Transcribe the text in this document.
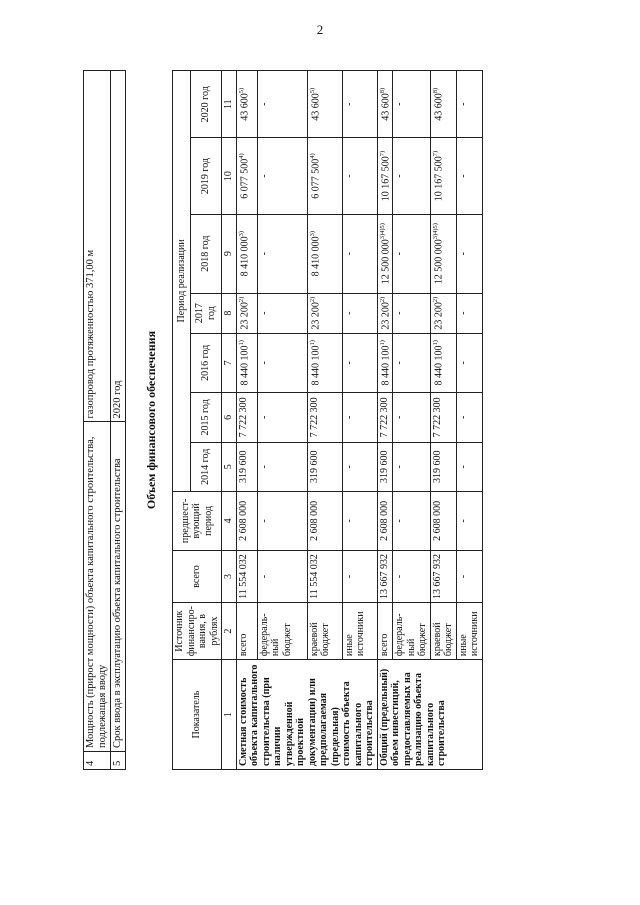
2
4	Мощность (прирост мощности) объекта капитального строительства, подлежащая вводу	газопровод протяженностью 371,00 м
5	Срок ввода в эксплуатацию объекта капитального строительства	2020 год Объем финансового обеспечения
Показатель	Источник финансиро-вания, в рублях	всего	предшест-вующий период	Период реализации						
				2014 год	2015 год	2016 год	2017 год	2018 год	2019 год	2020 год
1	2	3	4	5	6	7	8	9	10	11
Сметная стоимость объекта капитального строительства (при наличии утвержденной проектной документации) или предполагаемая (предельная) стоимость объекта капитального строительства	всего	11 554 032	2 608 000	319 600	7 722 300	8 440 100$^{1)}$	23 200$^{2)}$	8 410 000$^{3)}$	6 077 500$^{4)}$	43 600$^{5)}$
	федераль-ный бюджет	-	-	-	-	-	-	-	-	-
	краевой бюджет	11 554 032	2 608 000	319 600	7 722 300	8 440 100$^{1)}$	23 200$^{2)}$	8 410 000$^{3)}$	6 077 500$^{4)}$	43 600$^{5)}$
	иные источники	-	-	-	-	-	-	-	-	-
Общий (предельный) объем инвестиций, предоставляемых на реализацию объекта капитального строительства	всего	13 667 932	2 608 000	319 600	7 722 300	8 440 100$^{1)}$	23 200$^{2)}$	12 500 $000^{3)4)5)}$	10 167 500$^{7)}$	43 600$^{8)}$
	федераль-ный бюджет	-	-	-	-	-	-	-	-	-
	краевой бюджет	13 667 932	2 608 000	319 600	7 722 300	8 440 100$^{1)}$	23 200$^{2)}$	12 500 $000^{3)4)5)}$	10 167 500$^{7)}$	43 600$^{8)}$
	иные источники	-	-	-	-	-	-	-	-	-
